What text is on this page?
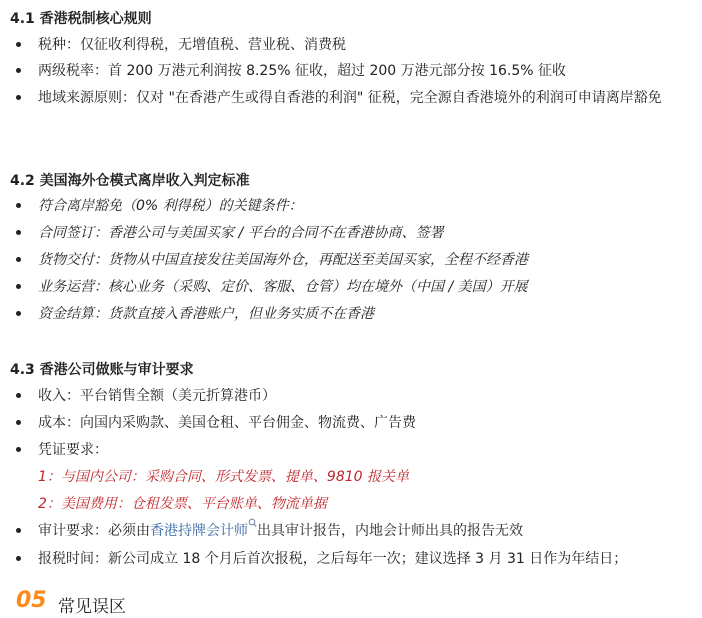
4.1 香港税制核心规则
税种：仅征收利得税，无增值税、营业税、消费税
两级税率：首 200 万港元利润按 8.25% 征收，超过 200 万港元部分按 16.5% 征收
地域来源原则：仅对 "在香港产生或得自香港的利润" 征税，完全源自香港境外的利润可申请离岸豁免
4.2 美国海外仓模式离岸收入判定标准
符合离岸豁免（0% 利得税）的关键条件：
合同签订：香港公司与美国买家 / 平台的合同不在香港协商、签署
货物交付：货物从中国直接发往美国海外仓，再配送至美国买家，全程不经香港
业务运营：核心业务（采购、定价、客服、仓管）均在境外（中国 / 美国）开展
资金结算：货款直接入香港账户，但业务实质不在香港
4.3 香港公司做账与审计要求
收入：平台销售全额（美元折算港币）
成本：向国内采购款、美国仓租、平台佣金、物流费、广告费
凭证要求：
1：与国内公司：采购合同、形式发票、提单、9810 报关单
2：美国费用：仓租发票、平台账单、物流单据
审计要求：必须由香港持牌会计师 出具审计报告，内地会计师出具的报告无效
报税时间：新公司成立 18 个月后首次报税，之后每年一次；建议选择 3 月 31 日作为年结日；
05 常见误区
